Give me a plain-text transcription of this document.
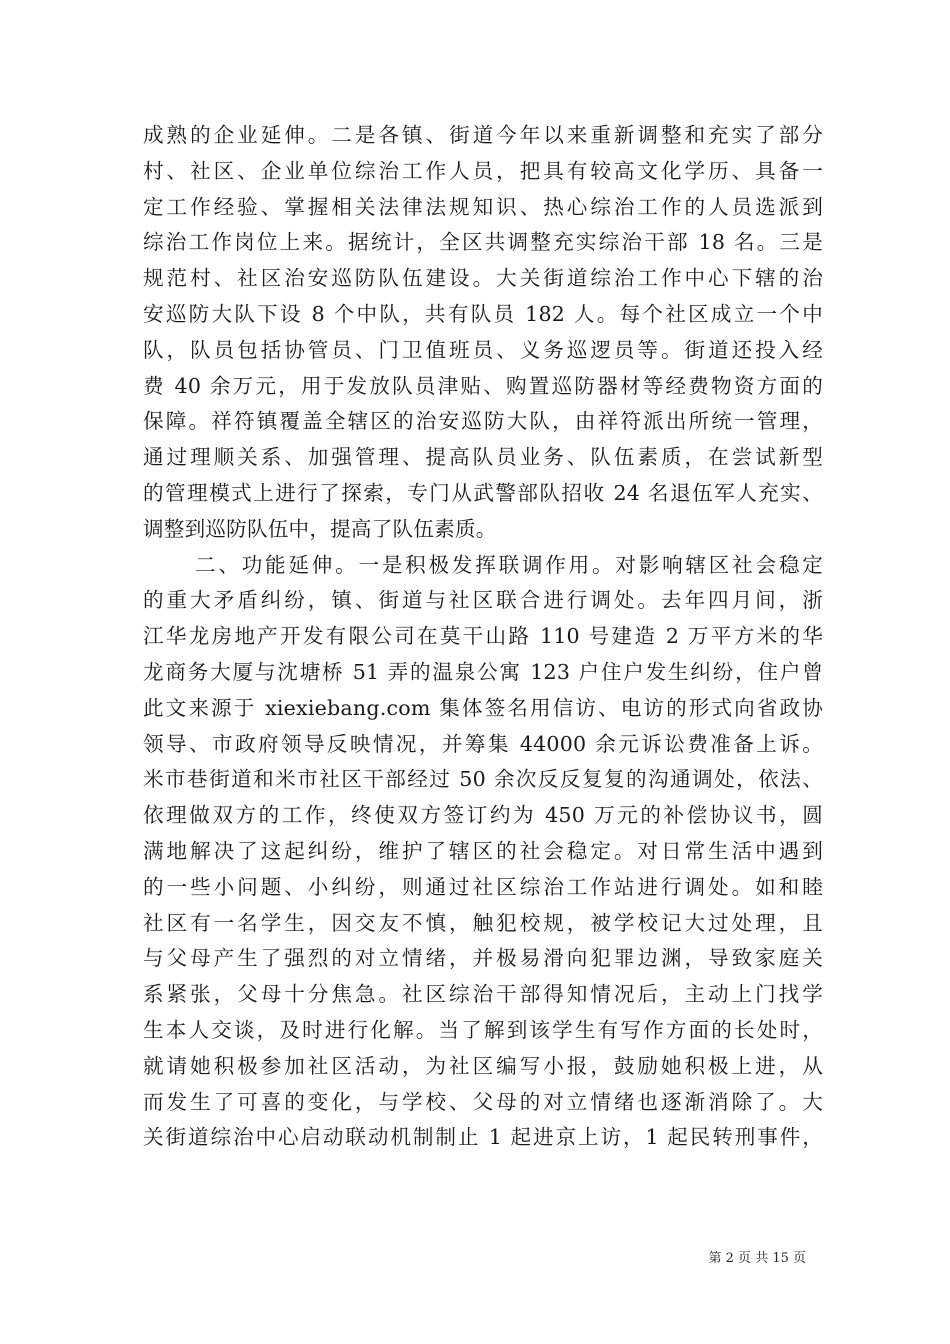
成熟的企业延伸。二是各镇、街道今年以来重新调整和充实了部分
村、社区、企业单位综治工作人员，把具有较高文化学历、具备一
定工作经验、掌握相关法律法规知识、热心综治工作的人员选派到
综治工作岗位上来。据统计，全区共调整充实综治干部 18 名。三是
规范村、社区治安巡防队伍建设。大关街道综治工作中心下辖的治
安巡防大队下设 8 个中队，共有队员 182 人。每个社区成立一个中
队，队员包括协管员、门卫值班员、义务巡逻员等。街道还投入经
费 40 余万元，用于发放队员津贴、购置巡防器材等经费物资方面的
保障。祥符镇覆盖全辖区的治安巡防大队，由祥符派出所统一管理，
通过理顺关系、加强管理、提高队员业务、队伍素质，在尝试新型
的管理模式上进行了探索，专门从武警部队招收 24 名退伍军人充实、
调整到巡防队伍中，提高了队伍素质。
二、功能延伸。一是积极发挥联调作用。对影响辖区社会稳定
的重大矛盾纠纷，镇、街道与社区联合进行调处。去年四月间，浙
江华龙房地产开发有限公司在莫干山路 110 号建造 2 万平方米的华
龙商务大厦与沈塘桥 51 弄的温泉公寓 123 户住户发生纠纷，住户曾
此文来源于 xiexiebang.com 集体签名用信访、电访的形式向省政协
领导、市政府领导反映情况，并筹集 44000 余元诉讼费准备上诉。
米市巷街道和米市社区干部经过 50 余次反反复复的沟通调处，依法、
依理做双方的工作，终使双方签订约为 450 万元的补偿协议书，圆
满地解决了这起纠纷，维护了辖区的社会稳定。对日常生活中遇到
的一些小问题、小纠纷，则通过社区综治工作站进行调处。如和睦
社区有一名学生，因交友不慎，触犯校规，被学校记大过处理，且
与父母产生了强烈的对立情绪，并极易滑向犯罪边渊，导致家庭关
系紧张，父母十分焦急。社区综治干部得知情况后，主动上门找学
生本人交谈，及时进行化解。当了解到该学生有写作方面的长处时，
就请她积极参加社区活动，为社区编写小报，鼓励她积极上进，从
而发生了可喜的变化，与学校、父母的对立情绪也逐渐消除了。大
关街道综治中心启动联动机制制止 1 起进京上访，1 起民转刑事件，
第 2 页 共 15 页
